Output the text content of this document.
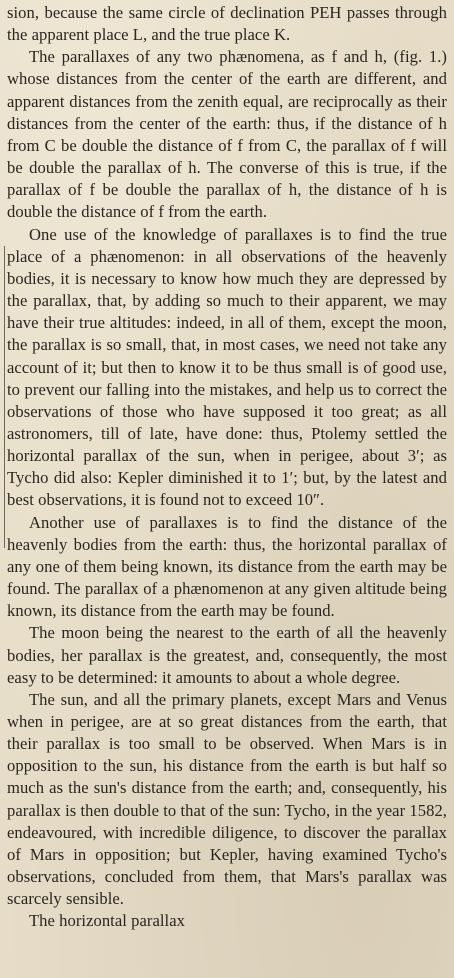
sion, because the same circle of declination PEH passes through the apparent place L, and the true place K.

The parallaxes of any two phænomena, as f and h, (fig. 1.) whose distances from the center of the earth are different, and apparent distances from the zenith equal, are reciprocally as their distances from the center of the earth: thus, if the distance of h from C be double the distance of f from C, the parallax of f will be double the parallax of h. The converse of this is true, if the parallax of f be double the parallax of h, the distance of h is double the distance of f from the earth.

One use of the knowledge of parallaxes is to find the true place of a phænomenon: in all observations of the heavenly bodies, it is necessary to know how much they are depressed by the parallax, that, by adding so much to their apparent, we may have their true altitudes: indeed, in all of them, except the moon, the parallax is so small, that, in most cases, we need not take any account of it; but then to know it to be thus small is of good use, to prevent our falling into the mistakes, and help us to correct the observations of those who have supposed it too great; as all astronomers, till of late, have done: thus, Ptolemy settled the horizontal parallax of the sun, when in perigee, about 3′; as Tycho did also: Kepler diminished it to 1′; but, by the latest and best observations, it is found not to exceed 10″.

Another use of parallaxes is to find the distance of the heavenly bodies from the earth: thus, the horizontal parallax of any one of them being known, its distance from the earth may be found. The parallax of a phænomenon at any given altitude being known, its distance from the earth may be found.

The moon being the nearest to the earth of all the heavenly bodies, her parallax is the greatest, and, consequently, the most easy to be determined: it amounts to about a whole degree.

The sun, and all the primary planets, except Mars and Venus when in perigee, are at so great distances from the earth, that their parallax is too small to be observed. When Mars is in opposition to the sun, his distance from the earth is but half so much as the sun's distance from the earth; and, consequently, his parallax is then double to that of the sun: Tycho, in the year 1582, endeavoured, with incredible diligence, to discover the parallax of Mars in opposition; but Kepler, having examined Tycho's observations, concluded from them, that Mars's parallax was scarcely sensible.

The horizontal parallax
